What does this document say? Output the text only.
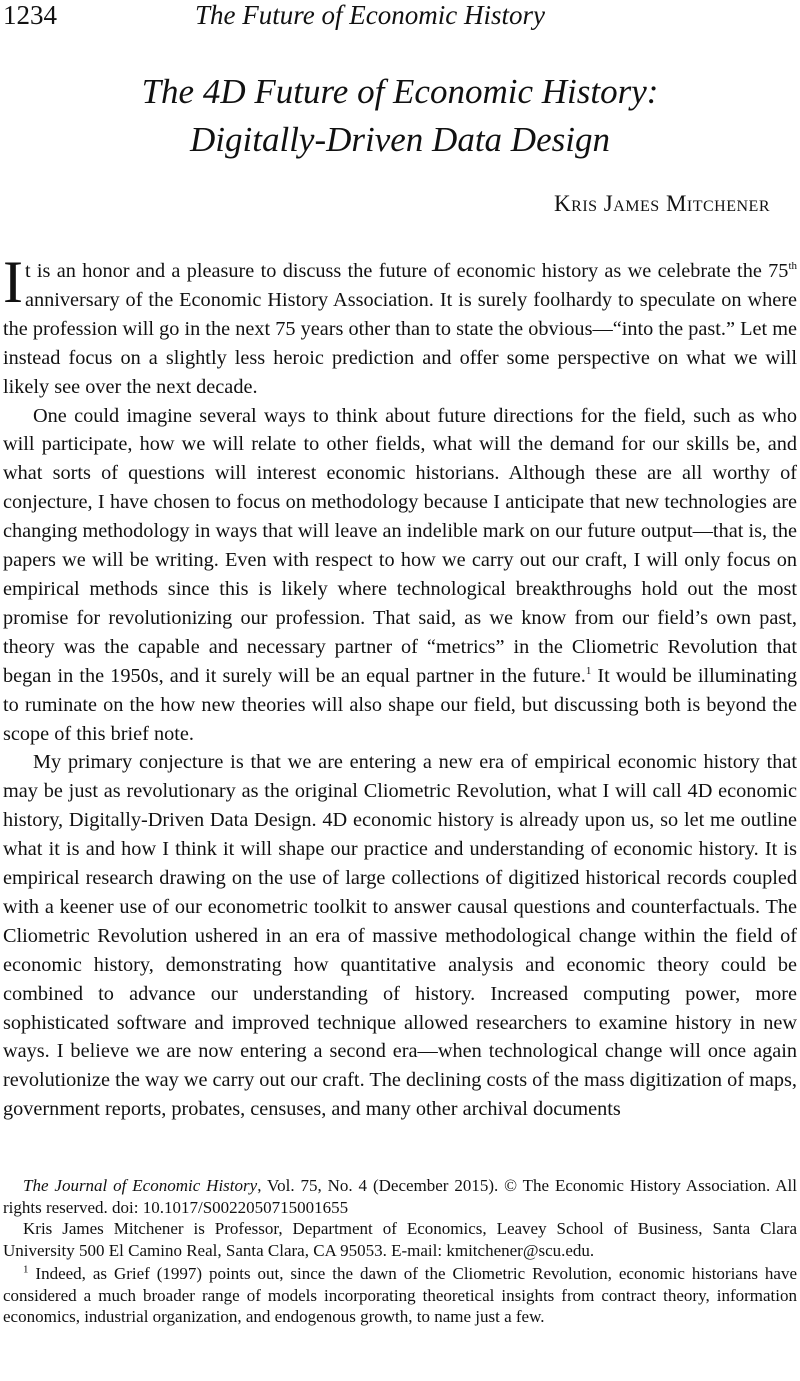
1234	The Future of Economic History
The 4D Future of Economic History:
Digitally-Driven Data Design
Kris James Mitchener

It is an honor and a pleasure to discuss the future of economic history as we celebrate the 75th anniversary of the Economic History Association. It is surely foolhardy to speculate on where the profession will go in the next 75 years other than to state the obvious—“into the past.” Let me instead focus on a slightly less heroic prediction and offer some perspective on what we will likely see over the next decade.

One could imagine several ways to think about future directions for the field, such as who will participate, how we will relate to other fields, what will the demand for our skills be, and what sorts of questions will interest economic historians. Although these are all worthy of conjecture, I have chosen to focus on methodology because I anticipate that new technologies are changing methodology in ways that will leave an indelible mark on our future output—that is, the papers we will be writing. Even with respect to how we carry out our craft, I will only focus on empirical methods since this is likely where technological breakthroughs hold out the most promise for revolutionizing our profession. That said, as we know from our field’s own past, theory was the capable and necessary partner of “metrics” in the Cliometric Revolution that began in the 1950s, and it surely will be an equal partner in the future.$^1$ It would be illuminating to ruminate on the how new theories will also shape our field, but discussing both is beyond the scope of this brief note.

My primary conjecture is that we are entering a new era of empirical economic history that may be just as revolutionary as the original Cliometric Revolution, what I will call 4D economic history, Digitally-Driven Data Design. 4D economic history is already upon us, so let me outline what it is and how I think it will shape our practice and understanding of economic history. It is empirical research drawing on the use of large collections of digitized historical records coupled with a keener use of our econometric toolkit to answer causal questions and counterfactuals. The Cliometric Revolution ushered in an era of massive methodological change within the field of economic history, demonstrating how quantitative analysis and economic theory could be combined to advance our understanding of history. Increased computing power, more sophisticated software and improved technique allowed researchers to examine history in new ways. I believe we are now entering a second era—when technological change will once again revolutionize the way we carry out our craft. The declining costs of the mass digitization of maps, government reports, probates, censuses, and many other archival documents

The Journal of Economic History, Vol. 75, No. 4 (December 2015). © The Economic History Association. All rights reserved. doi: 10.1017/S0022050715001655

Kris James Mitchener is Professor, Department of Economics, Leavey School of Business, Santa Clara University 500 El Camino Real, Santa Clara, CA 95053. E-mail: kmitchener@scu.edu.

$^1$ Indeed, as Grief (1997) points out, since the dawn of the Cliometric Revolution, economic historians have considered a much broader range of models incorporating theoretical insights from contract theory, information economics, industrial organization, and endogenous growth, to name just a few.
